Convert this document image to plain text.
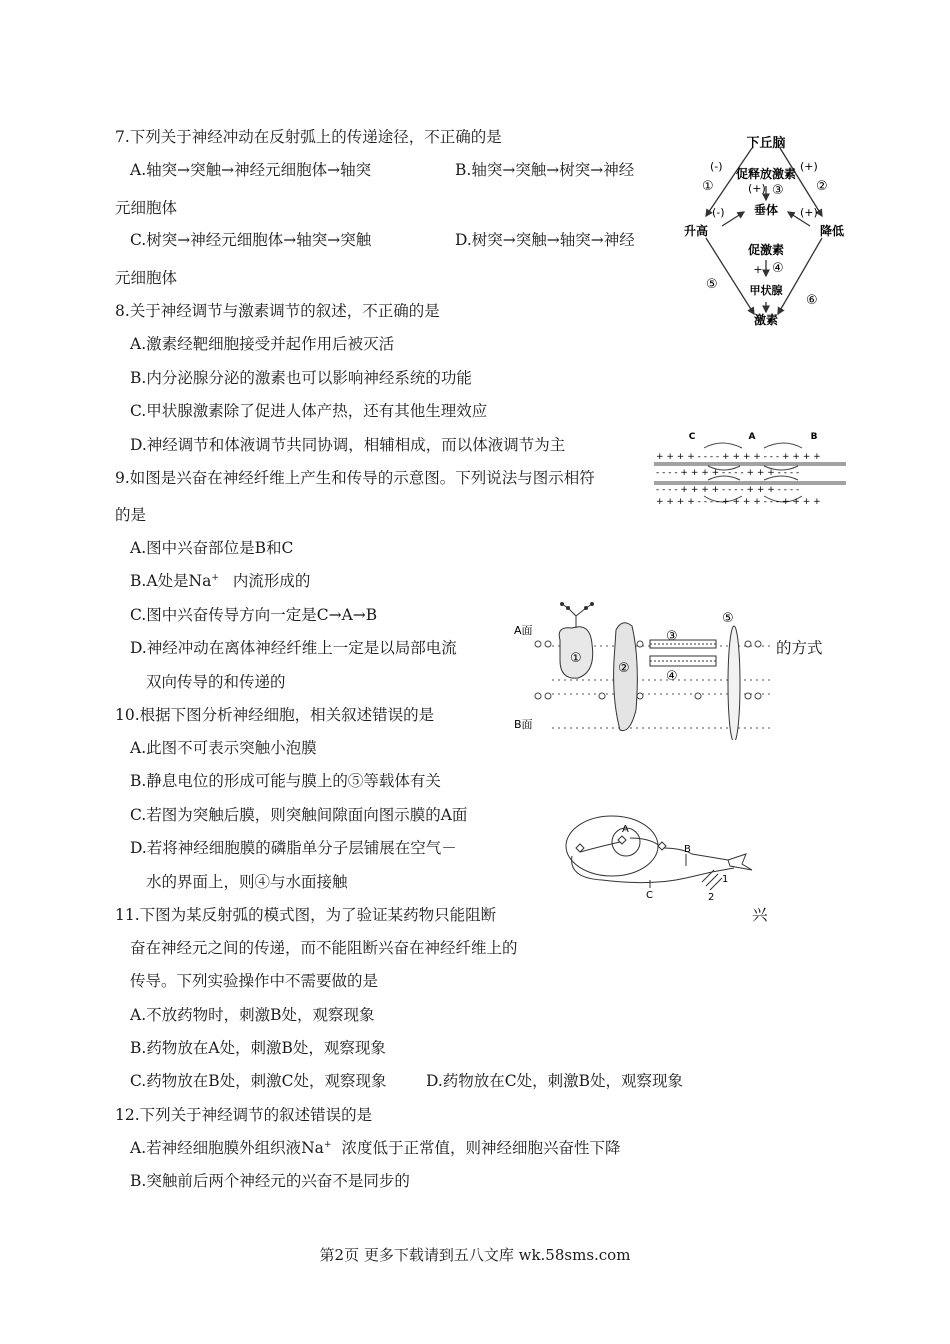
7.下列关于神经冲动在反射弧上的传递途径，不正确的是
A.轴突→突触→神经元细胞体→轴突	B.轴突→突触→树突→神经
元细胞体
C.树突→神经元细胞体→轴突→突触	D.树突→突触→轴突→神经
元细胞体
下丘脑
促释放激素
垂体
促激素
+
甲状腺
激素
升高	降低
(-)	(+)
(+)
(-)	(+)
①	②
③
④
⑤
⑥
8.关于神经调节与激素调节的叙述，不正确的是
A.激素经靶细胞接受并起作用后被灭活
B.内分泌腺分泌的激素也可以影响神经系统的功能
C.甲状腺激素除了促进人体产热，还有其他生理效应
D.神经调节和体液调节共同协调，相辅相成，而以体液调节为主	C	A	B
+ + + + - - - - + + + + - - - + + + +
- - - - + + + + - - - - + + + - - - -
- - - - + + + + - - - - + + + - - - -
+ + + + - - - - + + + + - - - + + + +
9.如图是兴奋在神经纤维上产生和传导的示意图。下列说法与图示相符
的是
A.图中兴奋部位是B和C
B.A处是Na+ 内流形成的
C.图中兴奋传导方向一定是C→A→B
D.神经冲动在离体神经纤维上一定是以局部电流	的方式
双向传导的和传递的
A面
B面
①
②
③
④
⑤
10.根据下图分析神经细胞，相关叙述错误的是
A.此图不可表示突触小泡膜
B.静息电位的形成可能与膜上的⑤等载体有关
C.若图为突触后膜，则突触间隙面向图示膜的A面
D.若将神经细胞膜的磷脂单分子层铺展在空气－
水的界面上，则④与水面接触
A
B
C
1
2
11.下图为某反射弧的模式图，为了验证某药物只能阻断	兴
奋在神经元之间的传递，而不能阻断兴奋在神经纤维上的
传导。下列实验操作中不需要做的是
A.不放药物时，刺激B处，观察现象
B.药物放在A处，刺激B处，观察现象
C.药物放在B处，刺激C处，观察现象	D.药物放在C处，刺激B处，观察现象
12.下列关于神经调节的叙述错误的是
A.若神经细胞膜外组织液Na+ 浓度低于正常值，则神经细胞兴奋性下降
B.突触前后两个神经元的兴奋不是同步的
第2页 更多下载请到五八文库 wk.58sms.com
